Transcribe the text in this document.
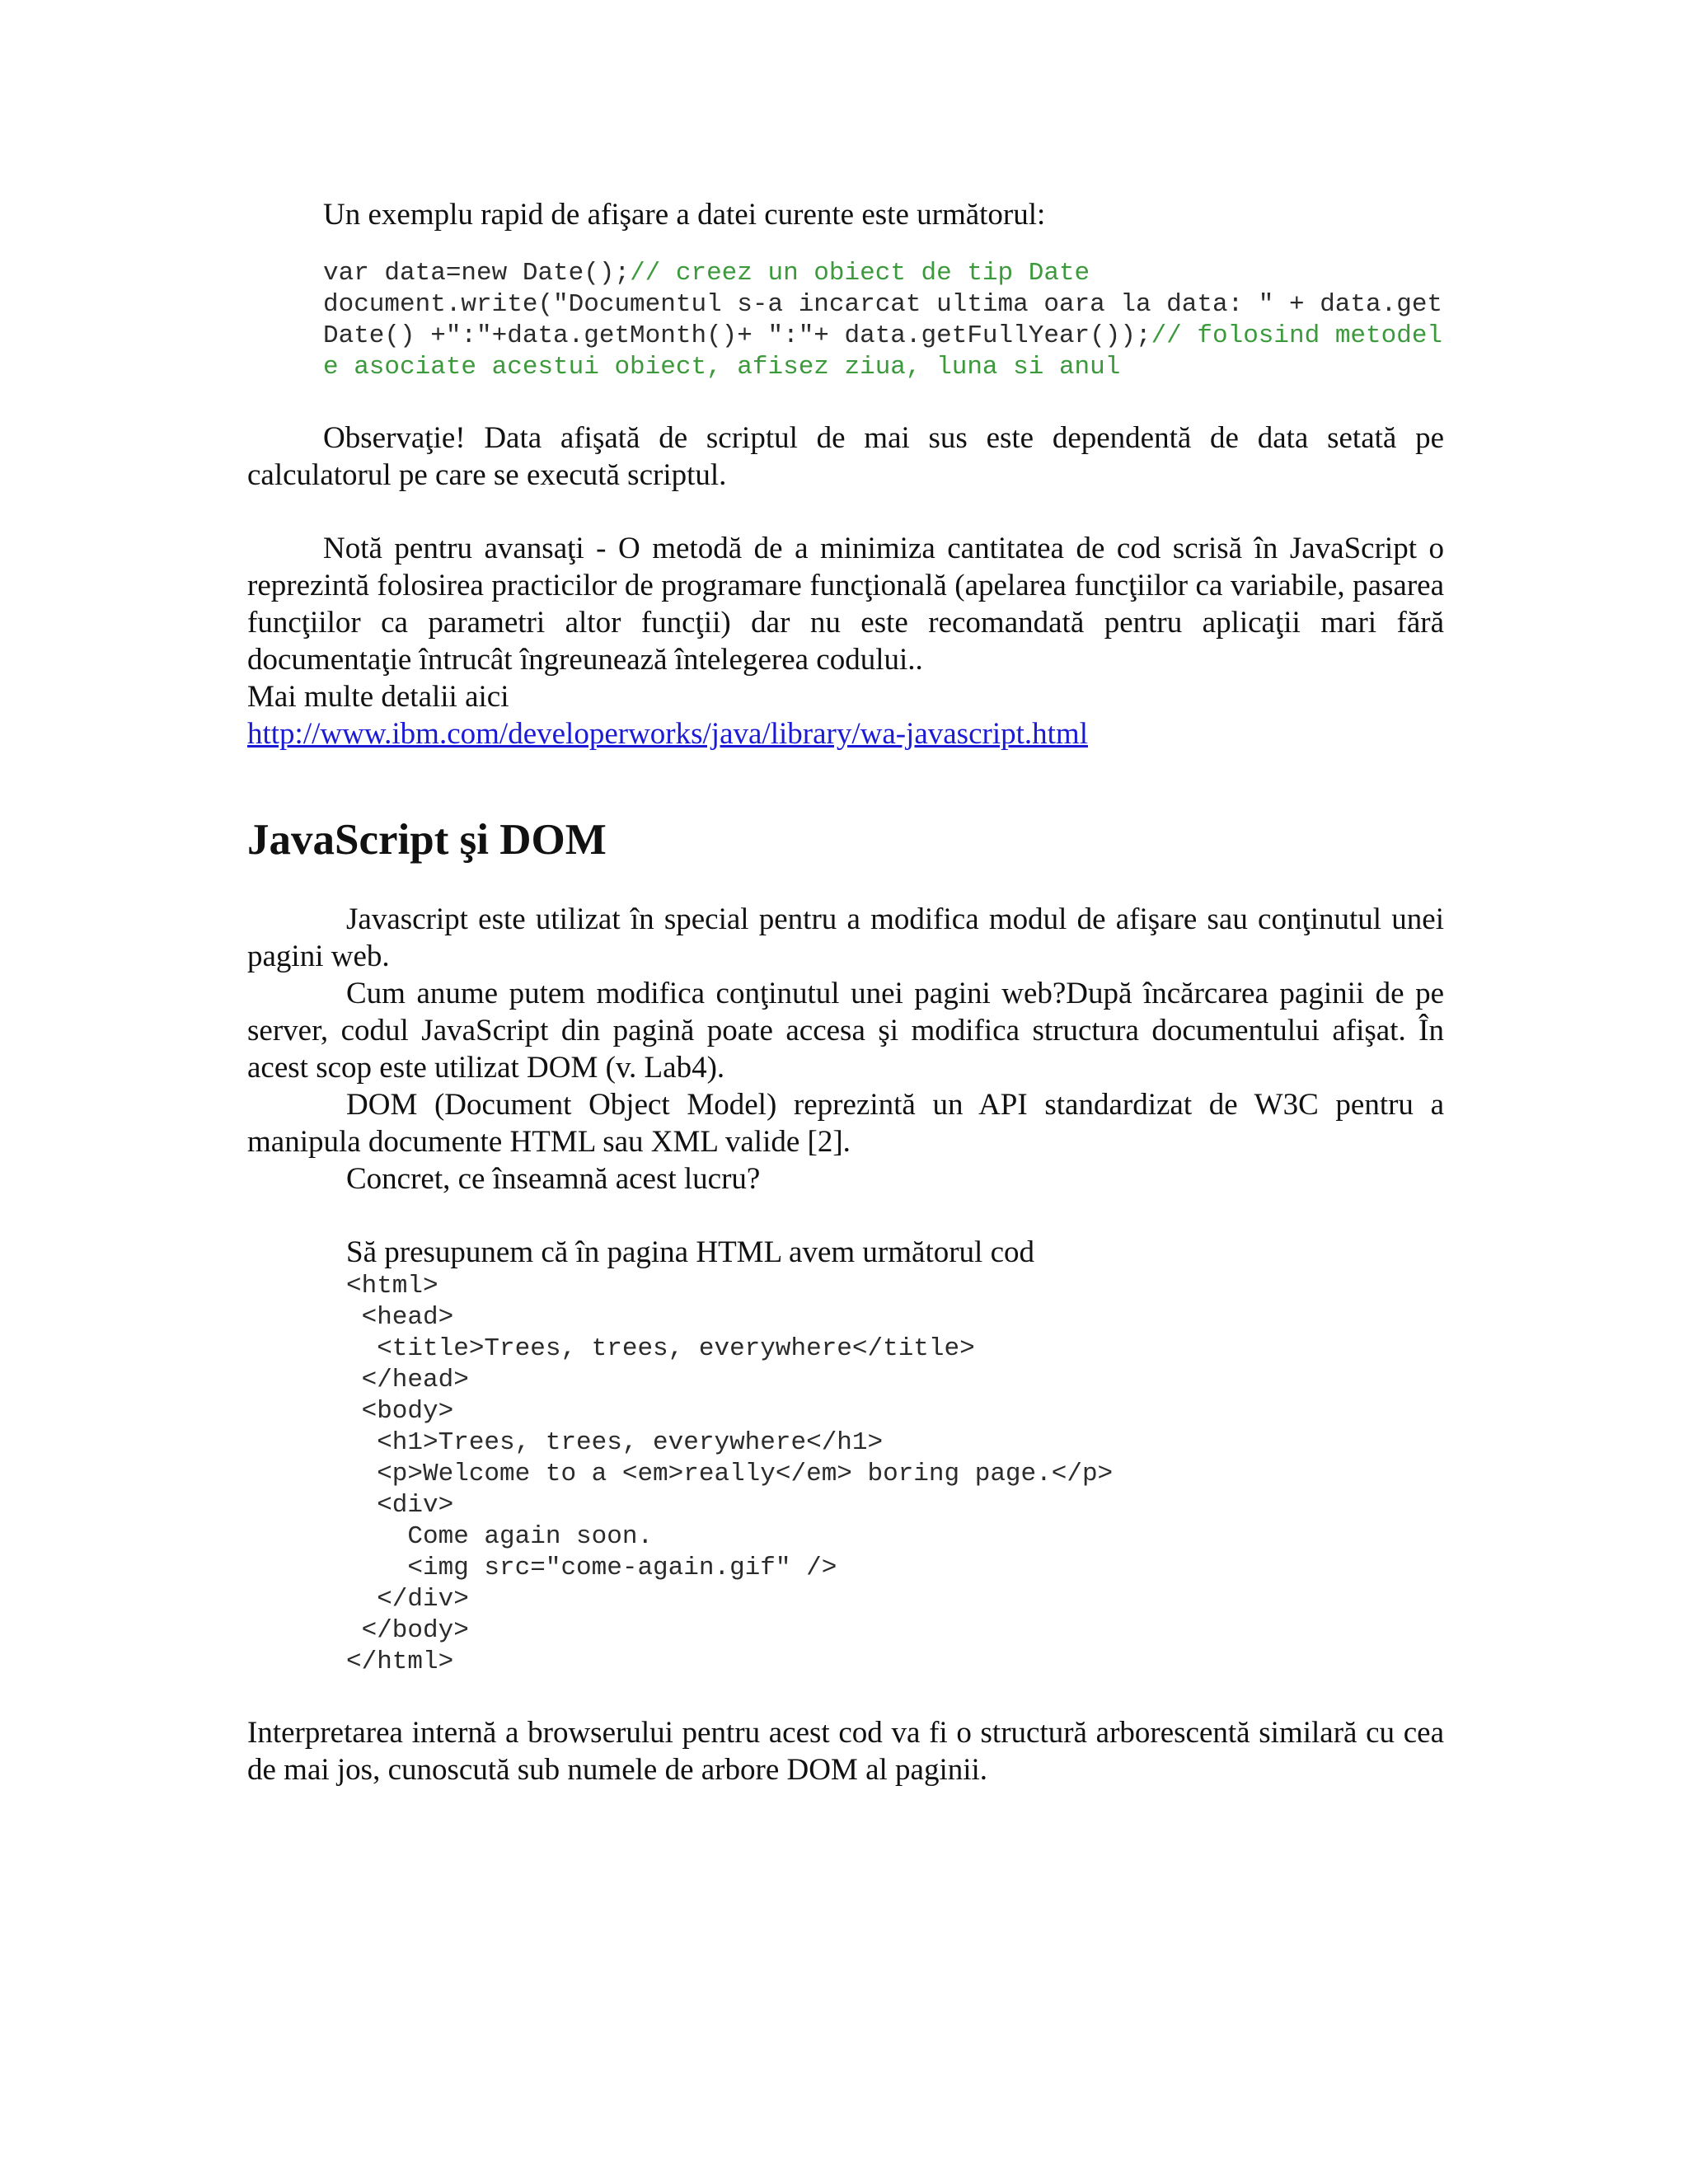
Un exemplu rapid de afişare a datei curente este următorul:

var data=new Date();// creez un obiect de tip Date
document.write("Documentul s-a incarcat ultima oara la data: " + data.getDate() +":"+data.getMonth()+ ":"+ data.getFullYear());// folosind metodele asociate acestui obiect, afisez ziua, luna si anul

Observaţie! Data afişată de scriptul de mai sus este dependentă de data setată pe calculatorul pe care se execută scriptul.

Notă pentru avansaţi - O metodă de a minimiza cantitatea de cod scrisă în JavaScript o reprezintă folosirea practicilor de programare funcţională (apelarea funcţiilor ca variabile, pasarea funcţiilor ca parametri altor funcţii) dar nu este recomandată pentru aplicaţii mari fără documentaţie întrucât îngreunează întelegerea codului..

Mai multe detalii aici

http://www.ibm.com/developerworks/java/library/wa-javascript.html

JavaScript şi DOM

Javascript este utilizat în special pentru a modifica modul de afişare sau conţinutul unei pagini web.

Cum anume putem modifica conţinutul unei pagini web?După încărcarea paginii de pe server, codul JavaScript din pagină poate accesa şi modifica structura documentului afişat. În acest scop este utilizat DOM (v. Lab4).

DOM (Document Object Model) reprezintă un API standardizat de W3C pentru a manipula documente HTML sau XML valide [2].

Concret, ce înseamnă acest lucru?

Să presupunem că în pagina HTML avem următorul cod

<html>
<head>
<title>Trees, trees, everywhere</title>
</head>
<body>
<h1>Trees, trees, everywhere</h1>
<p>Welcome to a <em>really</em> boring page.</p>
<div>
Come again soon.
<img src="come-again.gif" />
</div>
</body>
</html>

Interpretarea internă a browserului pentru acest cod va fi o structură arborescentă similară cu cea de mai jos, cunoscută sub numele de arbore DOM al paginii.
